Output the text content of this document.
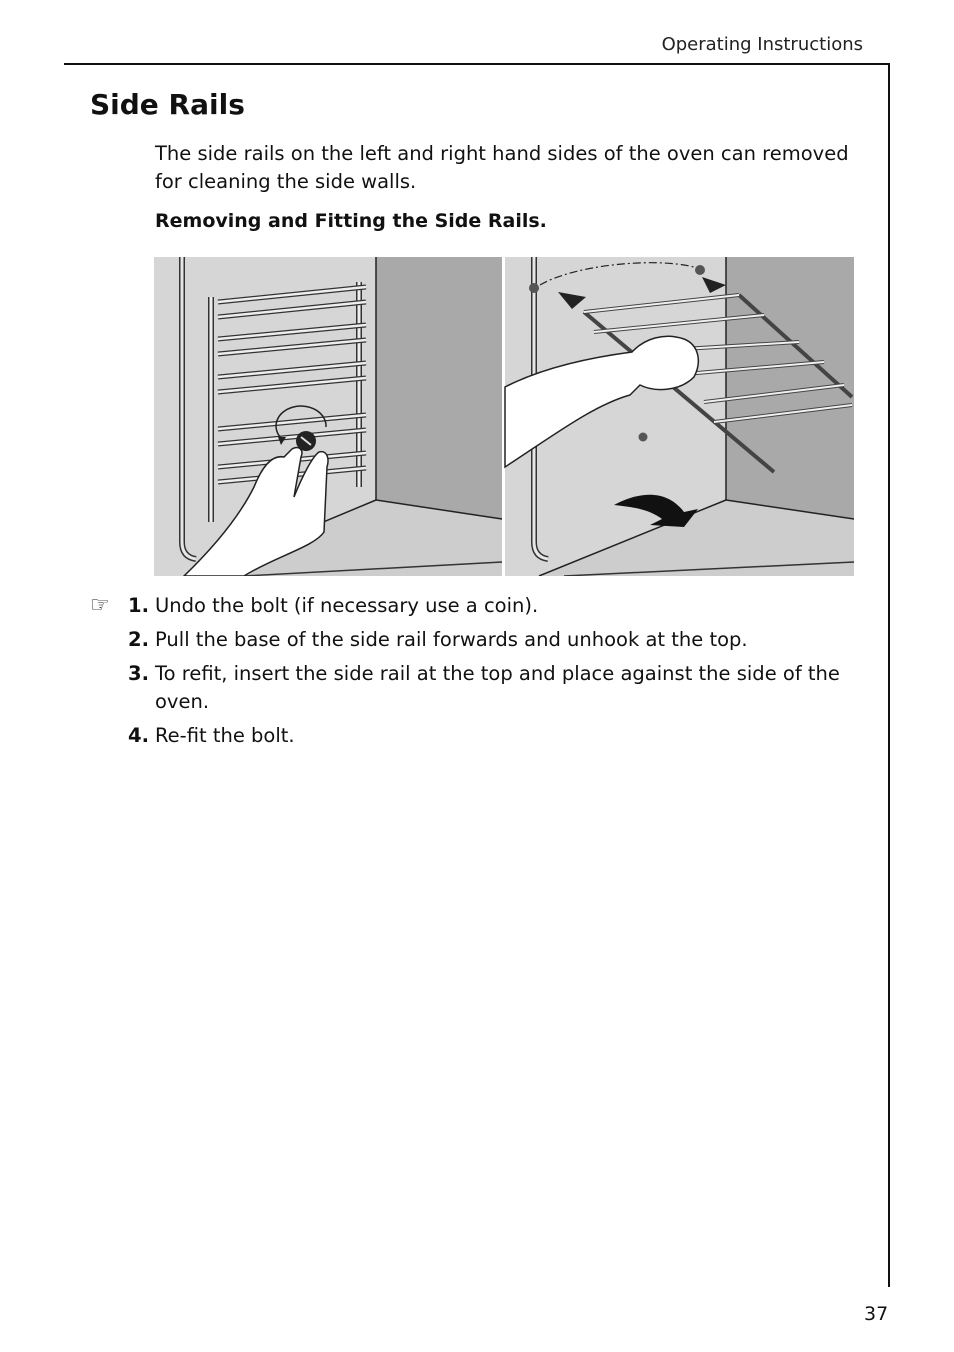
Operating Instructions
Side Rails

The side rails on the left and right hand sides of the oven can removed for cleaning the side walls.

Removing and Fitting the Side Rails.

☞ 1. Undo the bolt (if necessary use a coin).
2. Pull the base of the side rail forwards and unhook at the top.
3. To refit, insert the side rail at the top and place against the side of the oven.
4. Re-fit the bolt.
37
